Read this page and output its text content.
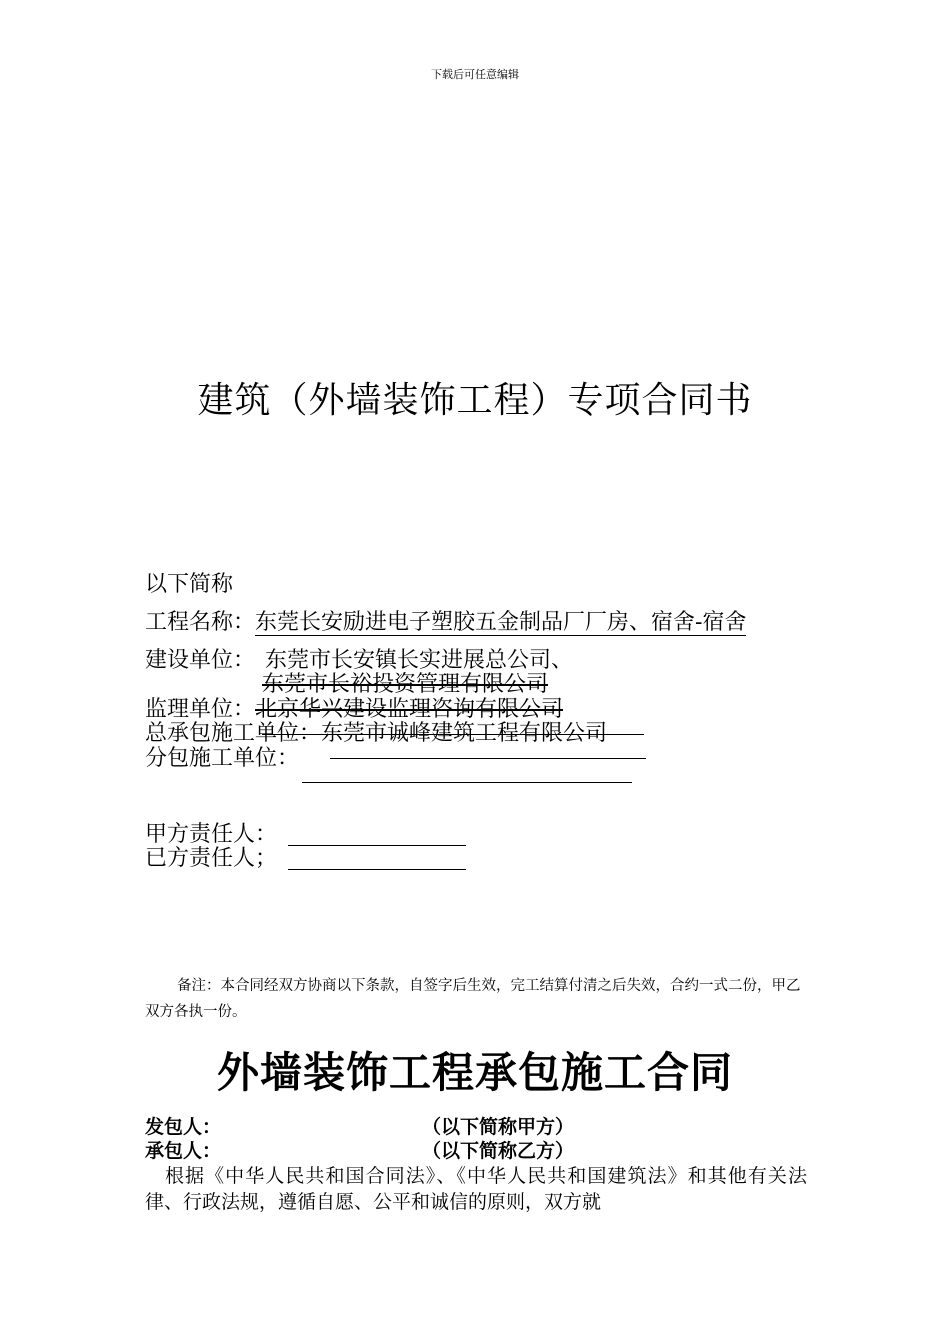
下载后可任意编辑
建筑（外墙装饰工程）专项合同书
以下简称
工程名称：东莞长安励进电子塑胶五金制品厂厂房、宿舍-宿舍
建设单位： 东莞市长安镇长实进展总公司、
东莞市长裕投资管理有限公司
监理单位：北京华兴建设监理咨询有限公司
总承包施工单位：东莞市诚峰建筑工程有限公司
分包施工单位：
甲方责任人：
已方责任人；
备注：本合同经双方协商以下条款，自签字后生效，完工结算付清之后失效，合约一式二份，甲乙双方各执一份。
外墙装饰工程承包施工合同
发包人：	（以下简称甲方）
承包人：	（以下简称乙方）
根据《中华人民共和国合同法》、《中华人民共和国建筑法》和其他有关法律、行政法规，遵循自愿、公平和诚信的原则，双方就
